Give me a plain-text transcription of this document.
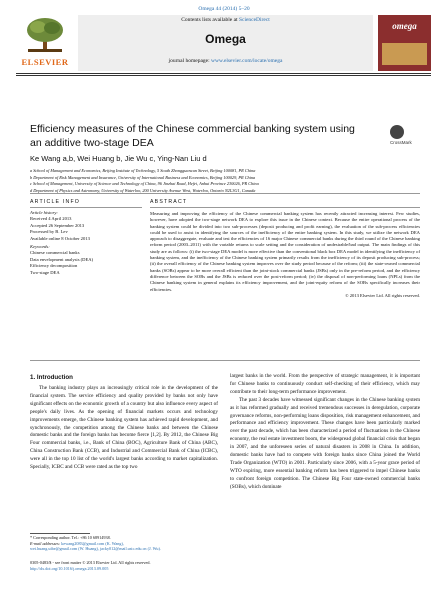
Omega 44 (2014) 5–20
ELSEVIER
Contents lists available at ScienceDirect
Omega
journal homepage: www.elsevier.com/locate/omega
omega
Efficiency measures of the Chinese commercial banking system using an additive two-stage DEA	CrossMark
Ke Wang a,b, Wei Huang b, Jie Wu c, Ying-Nan Liu d
a School of Management and Economics, Beijing Institute of Technology, 5 South Zhongguancun Street, Beijing 100081, PR China
b Department of Risk Management and Insurance, University of International Business and Economics, Beijing 100029, PR China
c School of Management, University of Science and Technology of China, 96 Jinzhai Road, Hefei, Anhui Province 230026, PR China
d Department of Physics and Astronomy, University of Waterloo, 200 University Avenue West, Waterloo, Ontario N2L3G1, Canada
ARTICLE INFO	ABSTRACT
Article history:
Received 4 April 2013
Accepted 26 September 2013
Processed by B. Lev
Available online 8 October 2013
Keywords:
Chinese commercial banks
Data envelopment analysis (DEA)
Efficiency decomposition
Two-stage DEA
Measuring and improving the efficiency of the Chinese commercial banking system has recently attracted increasing interest. Few studies, however, have adopted the two-stage network DEA to explore this issue in the Chinese context. Because the entire operational process of the banking system could be divided into two sub-processes (deposit producing and profit earning), the evaluation of the sub-process efficiencies could be used to assist in identifying the sources of the inefficiency of the entire banking system. In this study, we utilize the network DEA approach to disaggregate, evaluate and test the efficiencies of 16 major Chinese commercial banks during the third round of the Chinese banking reform period (2003–2011) with the variable returns to scale setting and the consideration of undesirable/bad output. The main findings of this study are as follows: (i) the two-stage DEA model is more effective than the conventional black box DEA model in identifying the inefficiency of banking system, and the inefficiency of the Chinese banking system primarily results from the inefficiency of its deposit producing sub-process; (ii) the overall efficiency of the Chinese banking system improves over the study period because of the reform; (iii) the state-owned commercial banks (SOBs) appear to be more overall efficient than the joint-stock commercial banks (JSBs) only in the pre-reform period, and the efficiency difference between the SOBs and the JSBs is reduced over the post-reform period; (iv) the disposal of non-performing loans (NPLs) from the Chinese banking system in general explains its efficiency improvement, and the joint-equity reform of the SOBs specifically increases their efficiencies.
© 2013 Elsevier Ltd. All rights reserved.
1. Introduction

The banking industry plays an increasingly critical role in the development of the financial system. The service efficiency and quality provided by banks not only have significant effects on the economic growth of a country but also influence every aspect of people's daily lives. As the opening of financial markets occurs and technology improvements emerge, the Chinese banking system has achieved rapid development, and synchronously, the competition among the Chinese banks and between the Chinese domestic banks and the foreign banks has become fierce [1,2]. By 2012, the Chinese Big Four commercial banks, i.e., Bank of China (BOC), Agriculture Bank of China (ABC), China Construction Bank (CCB), and Industrial and Commercial Bank of China (ICBC), were all in the top 10 list of the world's largest banks according to market capitalization. Specially, ICBC and CCB were rated as the top two

largest banks in the world. From the perspective of strategic management, it is important for Chinese banks to continuously conduct self-checking of their efficiency, which may contribute to their long-term performance improvement.

The past 3 decades have witnessed significant changes in the Chinese banking system as it has reformed gradually and received tremendous successes in deregulation, corporate governance reforms, non-performing loans disposition, risk management enhancement, and performance and efficiency improvement. These changes have been particularly marked over the past decade, which has been characterized a period of fluctuations in the Chinese economy, the real estate investment boom, the widespread global financial crisis that began in 2007, and the unforeseen series of natural disasters in 2008 in China. In addition, domestic banks have had to compete with foreign banks since China joined the World Trade Organization (WTO) in 2001. Particularly since 2006, with a 5-year grace period of WTO expiring, more essential banking reform has been triggered to impel Chinese banks to confront foreign competition. The Chinese Big Four state-owned commercial banks (SOBs), which dominate

* Corresponding author. Tel.: +86 10 68914938.
E-mail addresses: kewang2083@gmail.com (K. Wang),
wei.huang.uibe@gmail.com (W. Huang), jacky012@mail.ustc.edu.cn (J. Wu).
0305-0483/$ - see front matter © 2013 Elsevier Ltd. All rights reserved.
http://dx.doi.org/10.1016/j.omega.2013.09.005
